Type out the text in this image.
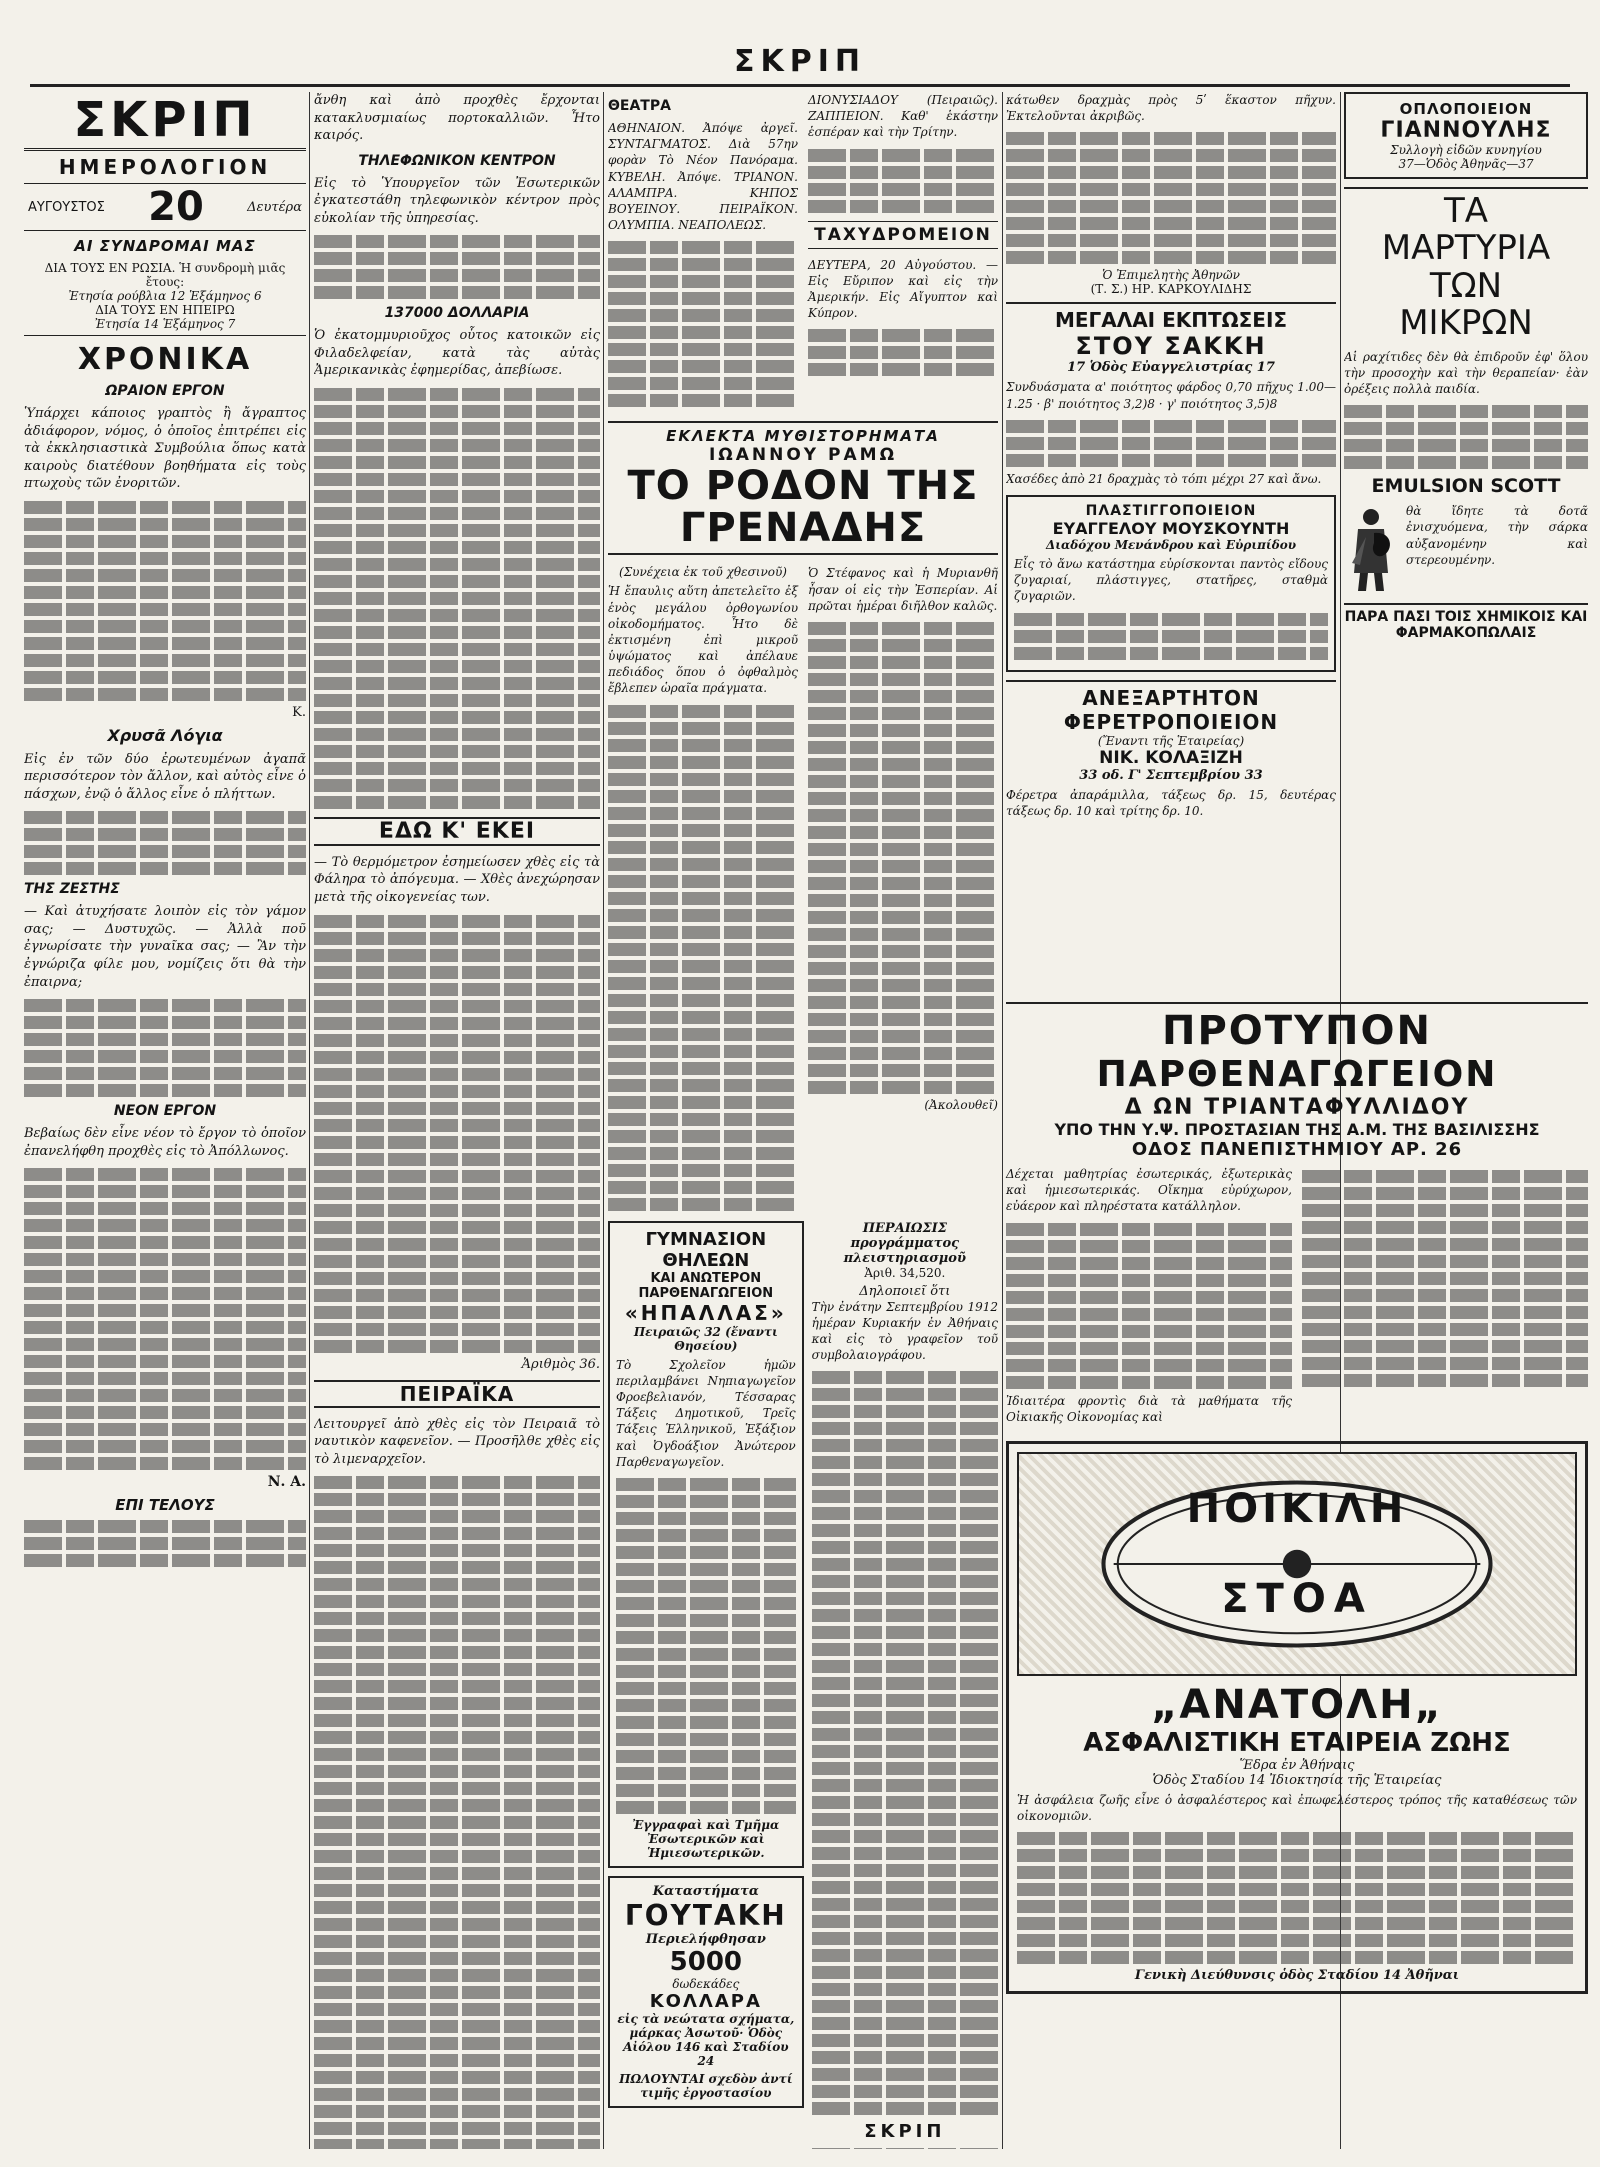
ΣΚΡΙΠ
ΣΚΡΙΠ
ΗΜΕΡΟΛΟΓΙΟΝ
ΑΥΓΟΥΣΤΟΣ 20	Δευτέρα
ΑΙ ΣΥΝΔΡΟΜΑΙ ΜΑΣ
ΔΙΑ ΤΟΥΣ ΕΝ ΡΩΣΙΑ. Ἡ συνδρομὴ μιᾶς ἔτους:
Ἐτησία ρούβλια 12 Ἑξάμηνος 6
ΔΙΑ ΤΟΥΣ ΕΝ ΗΠΕΙΡΩ
Ἐτησία 14 Ἑξάμηνος 7
ΧΡΟΝΙΚΑ
ΩΡΑΙΟΝ ΕΡΓΟΝ
Ὑπάρχει κάποιος γραπτὸς ἢ ἄγραπτος ἀδιάφορον, νόμος, ὁ ὁποῖος ἐπιτρέπει εἰς τὰ ἐκκλησιαστικὰ Συμβούλια ὅπως κατὰ καιροὺς διατέθουν βοηθήματα εἰς τοὺς πτωχοὺς τῶν ἐνοριτῶν.
Κ.
Χρυσᾶ Λόγια
Εἰς ἐν τῶν δύο ἐρωτευμένων ἀγαπᾶ περισσότερον τὸν ἄλλον, καὶ αὐτὸς εἶνε ὁ πάσχων, ἐνῷ ὁ ἄλλος εἶνε ὁ πλήττων.
ΤΗΣ ΖΕΣΤΗΣ
— Καὶ ἀτυχήσατε λοιπὸν εἰς τὸν γάμον σας; — Δυστυχῶς. — Ἀλλὰ ποῦ ἐγνωρίσατε τὴν γυναῖκα σας; — Ἂν τὴν ἐγνώριζα φίλε μου, νομίζεις ὅτι θὰ τὴν ἐπαιρνα;
ΝΕΟΝ ΕΡΓΟΝ
Βεβαίως δὲν εἶνε νέον τὸ ἔργον τὸ ὁποῖον ἐπανελήφθη προχθὲς εἰς τὸ Ἀπόλλωνος.
Ν. Α.
ΕΠΙ ΤΕΛΟΥΣ
ἄνθη καὶ ἀπὸ προχθὲς ἔρχονται κατακλυσμιαίως πορτοκαλλιῶν. Ἦτο καιρός.
ΤΗΛΕΦΩΝΙΚΟΝ ΚΕΝΤΡΟΝ
Εἰς τὸ Ὑπουργεῖον τῶν Ἐσωτερικῶν ἐγκατεστάθη τηλεφωνικὸν κέντρον πρὸς εὐκολίαν τῆς ὑπηρεσίας.
137000 ΔΟΛΛΑΡΙΑ
Ὁ ἐκατομμυριοῦχος οὗτος κατοικῶν εἰς Φιλαδελφείαν, κατὰ τὰς αὐτὰς Ἀμερικανικὰς ἐφημερίδας, ἀπεβίωσε.
ΕΔΩ Κ' ΕΚΕΙ
— Τὸ θερμόμετρον ἐσημείωσεν χθὲς εἰς τὰ Φάληρα τὸ ἀπόγευμα. — Χθὲς ἀνεχώρησαν μετὰ τῆς οἰκογενείας των.
Ἀριθμὸς 36.
ΠΕΙΡΑΪΚΑ
Λειτουργεῖ ἀπὸ χθὲς εἰς τὸν Πειραιᾶ τὸ ναυτικὸν καφενεῖον. — Προσῆλθε χθὲς εἰς τὸ λιμεναρχεῖον.
ΘΕΑΤΡΑ
ΑΘΗΝΑΙΟΝ. Ἀπόψε ἀργεῖ. ΣΥΝΤΑΓΜΑΤΟΣ. Διὰ 57ην φορὰν Τὸ Νέον Πανόραμα. ΚΥΒΕΛΗ. Ἀπόψε. ΤΡΙΑΝΟΝ. ΑΛΑΜΠΡΑ. ΚΗΠΟΣ ΒΟΥΕΙΝΟΥ. ΠΕΙΡΑΪΚΟΝ. ΟΛΥΜΠΙΑ. ΝΕΑΠΟΛΕΩΣ.
ΔΙΟΝΥΣΙΑΔΟΥ (Πειραιῶς). ΖΑΠΠΕΙΟΝ. Καθ' ἑκάστην ἑσπέραν καὶ τὴν Τρίτην.
ΤΑΧΥΔΡΟΜΕΙΟΝ
ΔΕΥΤΕΡΑ, 20 Αὐγούστου. — Εἰς Εὔριπον καὶ εἰς τὴν Ἀμερικήν. Εἰς Αἴγυπτον καὶ Κύπρον.
ΕΚΛΕΚΤΑ ΜΥΘΙΣΤΟΡΗΜΑΤΑ
ΙΩΑΝΝΟΥ ΡΑΜΩ
ΤΟ ΡΟΔΟΝ ΤΗΣ ΓΡΕΝΑΔΗΣ
(Συνέχεια ἐκ τοῦ χθεσινοῦ)
Ἡ ἔπαυλις αὕτη ἀπετελεῖτο ἐξ ἑνὸς μεγάλου ὀρθογωνίου οἰκοδομήματος. Ἦτο δὲ ἐκτισμένη ἐπὶ μικροῦ ὑψώματος καὶ ἀπέλαυε πεδιάδος ὅπου ὁ ὀφθαλμὸς ἔβλεπεν ὡραῖα πράγματα.
Ὁ Στέφανος καὶ ἡ Μυριανθῆ ἦσαν οἱ εἰς τὴν Ἐσπερίαν. Αἱ πρῶται ἡμέραι διῆλθον καλῶς.
(Ἀκολουθεῖ)
ΓΥΜΝΑΣΙΟΝ ΘΗΛΕΩΝ
ΚΑΙ ΑΝΩΤΕΡΟΝ ΠΑΡΘΕΝΑΓΩΓΕΙΟΝ
«ΗΠΑΛΛΑΣ»
Πειραιῶς 32 (ἔναντι Θησείου)
Τὸ Σχολεῖον ἡμῶν περιλαμβάνει Νηπιαγωγεῖον Φροεβελιανόν, Τέσσαρας Τάξεις Δημοτικοῦ, Τρεῖς Τάξεις Ἑλληνικοῦ, Ἑξάξιον καὶ Ὀγδοάξιον Ἀνώτερον Παρθεναγωγεῖον.
Ἐγγραφαὶ καὶ Τμῆμα Ἐσωτερικῶν καὶ Ἡμιεσωτερικῶν.
Καταστήματα
ΓΟΥΤΑΚΗ
Περιελήφθησαν
5000
δωδεκάδες
ΚΟΛΛΑΡΑ
εἰς τὰ νεώτατα σχήματα, μάρκας Ἀσωτοῦ· Ὁδὸς Αἰόλου 146 καὶ Σταδίου 24
ΠΩΛΟΥΝΤΑΙ σχεδὸν ἀντί τιμῆς ἐργοστασίου
ΠΕΡΑΙΩΣΙΣ προγράμματος πλειστηριασμοῦ
Ἀριθ. 34,520.
Δηλοποιεῖ ὅτι
Τὴν ἐνάτην Σεπτεμβρίου 1912 ἡμέραν Κυριακήν ἐν Ἀθήναις καὶ εἰς τὸ γραφεῖον τοῦ συμβολαιογράφου.
ΣΚΡΙΠ
κάτωθεν δραχμὰς πρὸς 5ʹ ἕκαστον πῆχυν. Ἐκτελοῦνται ἀκριβῶς.
Ὁ Ἐπιμελητὴς Ἀθηνῶν
(Τ. Σ.) ΗΡ. ΚΑΡΚΟΥΛΙΔΗΣ
ΜΕΓΑΛΑΙ ΕΚΠΤΩΣΕΙΣ
ΣΤΟΥ ΣΑΚΚΗ
17 Ὁδὸς Εὐαγγελιστρίας 17
Συνδυάσματα α' ποιότητος φάρδος 0,70 πῆχυς 1.00—1.25 · β' ποιότητος 3,2)8 · γ' ποιότητος 3,5)8
Χασέδες ἀπὸ 21 δραχμὰς τὸ τόπι μέχρι 27 καὶ ἄνω.
ΠΛΑΣΤΙΓΓΟΠΟΙΕΙΟΝ
ΕΥΑΓΓΕΛΟΥ ΜΟΥΣΚΟΥΝΤΗ
Διαδόχου Μενάνδρου καὶ Εὐριπίδου
Εἶς τὸ ἄνω κατάστημα εὑρίσκονται παντὸς εἴδους ζυγαριαί, πλάστιγγες, στατῆρες, σταθμὰ ζυγαριῶν.
ΑΝΕΞΑΡΤΗΤΟΝ
ΦΕΡΕΤΡΟΠΟΙΕΙΟΝ
(Ἔναντι τῆς Ἑταιρείας)
ΝΙΚ. ΚΟΛΑΞΙΖΗ
33 οδ. Γ' Σεπτεμβρίου 33
Φέρετρα ἀπαράμιλλα, τάξεως δρ. 15, δευτέρας τάξεως δρ. 10 καὶ τρίτης δρ. 10.
ΟΠΛΟΠΟΙΕΙΟΝ
ΓΙΑΝΝΟΥΛΗΣ
Συλλογὴ εἰδῶν κυνηγίου
37—Ὁδὸς Ἀθηνᾶς—37
ΤΑ
ΜΑΡΤΥΡΙΑ
ΤΩΝ
ΜΙΚΡΩΝ
Αἱ ραχίτιδες δὲν θὰ ἐπιδροῦν ἐφ' ὅλου τὴν προσοχὴν καὶ τὴν θεραπείαν· ἐὰν ὀρέξεις πολλὰ παιδία.
EMULSION SCOTT
θὰ ἴδητε τὰ δοτᾶ ἐνισχυόμενα, τὴν σάρκα αὐξανομένην καὶ στερεουμένην.
ΠΑΡΑ ΠΑΣΙ ΤΟΙΣ ΧΗΜΙΚΟΙΣ ΚΑΙ ΦΑΡΜΑΚΟΠΩΛΑΙΣ
ΠΡΟΤΥΠΟΝ
ΠΑΡΘΕΝΑΓΩΓΕΙΟΝ
Δ ΩΝ ΤΡΙΑΝΤΑΦΥΛΛΙΔΟΥ
ΥΠΟ ΤΗΝ Υ.Ψ. ΠΡΟΣΤΑΣΙΑΝ ΤΗΣ Α.Μ. ΤΗΣ ΒΑΣΙΛΙΣΣΗΣ
ΟΔΟΣ ΠΑΝΕΠΙΣΤΗΜΙΟΥ ΑΡ. 26
Δέχεται μαθητρίας ἐσωτερικάς, ἐξωτερικὰς καὶ ἡμιεσωτερικάς. Οἴκημα εὐρύχωρον, εὐάερον καὶ πληρέστατα κατάλληλον.
Ἰδιαιτέρα φροντὶς διὰ τὰ μαθήματα τῆς Οἰκιακῆς Οἰκονομίας καὶ
ΠΟΙΚΙΛΗ
ΣΤΟΑ
„ΑΝΑΤΟΛΗ„
ΑΣΦΑΛΙΣΤΙΚΗ ΕΤΑΙΡΕΙΑ ΖΩΗΣ
Ἕδρα ἐν Ἀθήναις
Ὁδὸς Σταδίου 14 Ἰδιοκτησία τῆς Ἑταιρείας
Ἡ ἀσφάλεια ζωῆς εἶνε ὁ ἀσφαλέστερος καὶ ἐπωφελέστερος τρόπος τῆς καταθέσεως τῶν οἰκονομιῶν.
Γενικὴ Διεύθυνσις ὁδὸς Σταδίου 14 Ἀθῆναι
